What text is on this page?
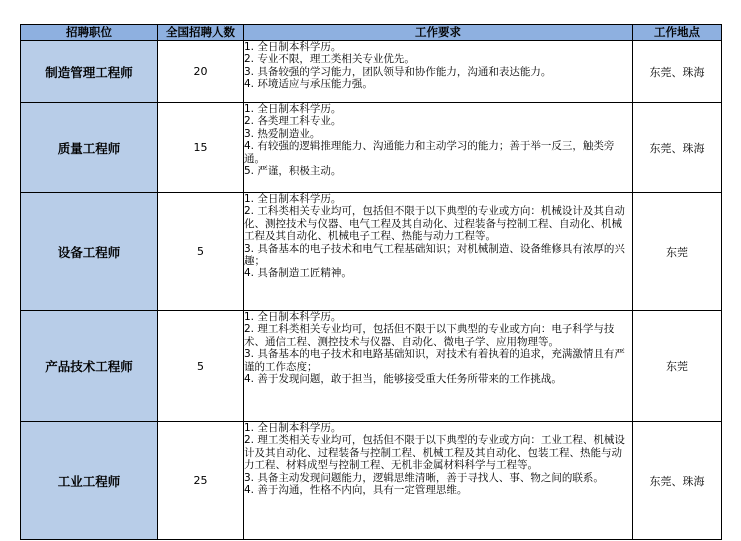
招聘职位	全国招聘人数	工作要求	工作地点
制造管理工程师	20	1. 全日制本科学历。
2. 专业不限，理工类相关专业优先。
3. 具备较强的学习能力，团队领导和协作能力，沟通和表达能力。
4. 环境适应与承压能力强。	东莞、珠海
质量工程师	15	1. 全日制本科学历。
2. 各类理工科专业。
3. 热爱制造业。
4. 有较强的逻辑推理能力、沟通能力和主动学习的能力；善于举一反三，触类旁通。
5. 严谨，积极主动。	东莞、珠海
设备工程师	5	1. 全日制本科学历。
2. 工科类相关专业均可，包括但不限于以下典型的专业或方向：机械设计及其自动化、测控技术与仪器、电气工程及其自动化、过程装备与控制工程、自动化、机械工程及其自动化、机械电子工程、热能与动力工程等。
3. 具备基本的电子技术和电气工程基础知识；对机械制造、设备维修具有浓厚的兴趣；
4. 具备制造工匠精神。	东莞
产品技术工程师	5	1. 全日制本科学历。
2. 理工科类相关专业均可，包括但不限于以下典型的专业或方向：电子科学与技术、通信工程、测控技术与仪器、自动化、微电子学、应用物理等。
3. 具备基本的电子技术和电路基础知识，对技术有着执着的追求，充满激情且有严谨的工作态度；
4. 善于发现问题，敢于担当，能够接受重大任务所带来的工作挑战。	东莞
工业工程师	25	1. 全日制本科学历。
2. 理工类相关专业均可，包括但不限于以下典型的专业或方向：工业工程、机械设计及其自动化、过程装备与控制工程、机械工程及其自动化、包装工程、热能与动力工程、材料成型与控制工程、无机非金属材料科学与工程等。
3. 具备主动发现问题能力，逻辑思维清晰，善于寻找人、事、物之间的联系。
4. 善于沟通，性格不内向，具有一定管理思维。	东莞、珠海
